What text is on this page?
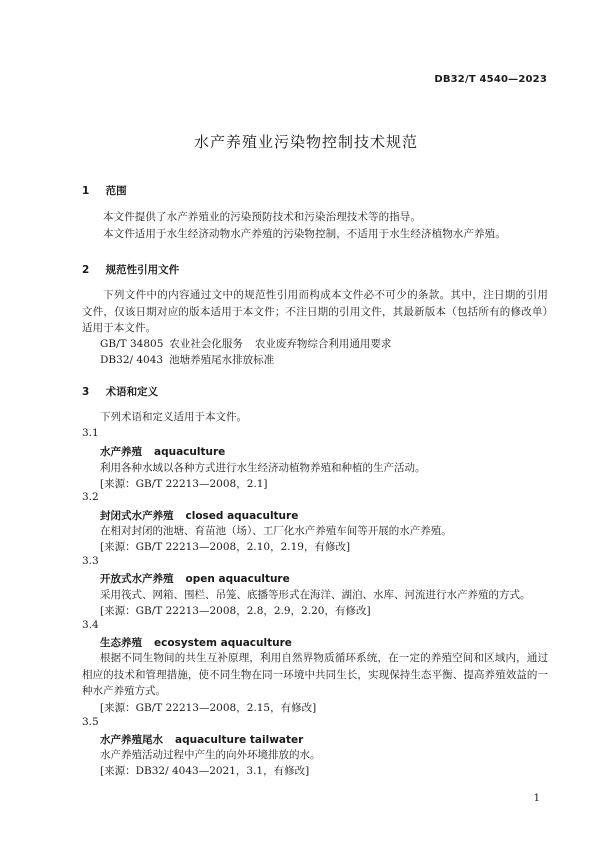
DB32/T 4540—2023
水产养殖业污染物控制技术规范
1 范围
本文件提供了水产养殖业的污染预防技术和污染治理技术等的指导。
本文件适用于水生经济动物水产养殖的污染物控制，不适用于水生经济植物水产养殖。
2 规范性引用文件
下列文件中的内容通过文中的规范性引用而构成本文件必不可少的条款。其中，注日期的引用文件，仅该日期对应的版本适用于本文件；不注日期的引用文件，其最新版本（包括所有的修改单）适用于本文件。
GB/T 34805 农业社会化服务 农业废弃物综合利用通用要求
DB32/ 4043 池塘养殖尾水排放标准
3 术语和定义
下列术语和定义适用于本文件。
3.1
水产养殖 aquaculture
利用各种水域以各种方式进行水生经济动植物养殖和种植的生产活动。
[来源：GB/T 22213—2008，2.1]
3.2
封闭式水产养殖 closed aquaculture
在相对封闭的池塘、育苗池（场）、工厂化水产养殖车间等开展的水产养殖。
[来源：GB/T 22213—2008，2.10，2.19，有修改]
3.3
开放式水产养殖 open aquaculture
采用筏式、网箱、围栏、吊笼、底播等形式在海洋、湖泊、水库、河流进行水产养殖的方式。
[来源：GB/T 22213—2008，2.8，2.9，2.20，有修改]
3.4
生态养殖 ecosystem aquaculture
根据不同生物间的共生互补原理，利用自然界物质循环系统，在一定的养殖空间和区域内，通过相应的技术和管理措施，使不同生物在同一环境中共同生长，实现保持生态平衡、提高养殖效益的一种水产养殖方式。
[来源：GB/T 22213—2008，2.15，有修改]
3.5
水产养殖尾水 aquaculture tailwater
水产养殖活动过程中产生的向外环境排放的水。
[来源：DB32/ 4043—2021，3.1，有修改]
1
